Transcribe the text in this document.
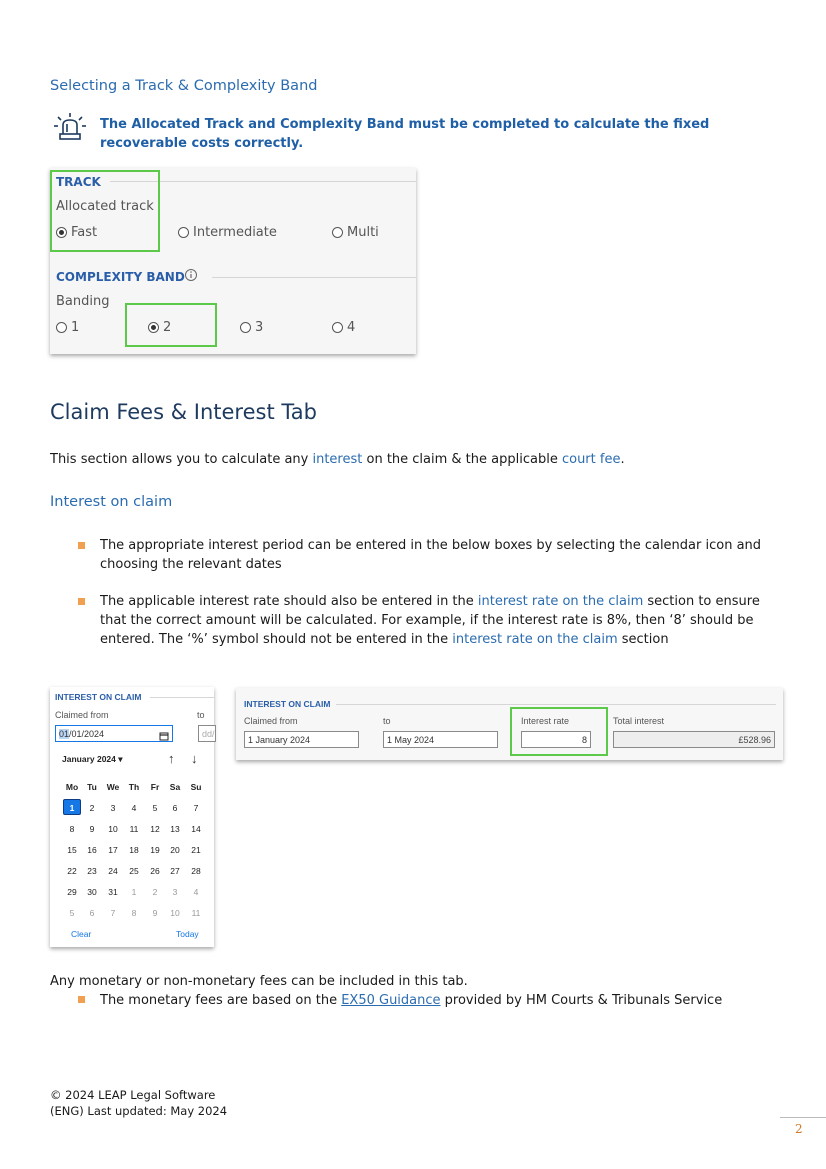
Selecting a Track & Complexity Band
The Allocated Track and Complexity Band must be completed to calculate the fixed recoverable costs correctly.
TRACK
Allocated track
Fast	Intermediate	Multi
COMPLEXITY BAND
Banding
1	2	3	4
Claim Fees & Interest Tab
This section allows you to calculate any interest on the claim & the applicable court fee.
Interest on claim
The appropriate interest period can be entered in the below boxes by selecting the calendar icon and choosing the relevant dates
The applicable interest rate should also be entered in the interest rate on the claim section to ensure that the correct amount will be calculated. For example, if the interest rate is 8%, then ‘8’ should be entered. The ‘%’ symbol should not be entered in the interest rate on the claim section
INTEREST ON CLAIM
Claimed from	to
01/01/2024	dd/
January 2024 ▾	↑ ↓
Mo	Tu	We	Th	Fr	Sa	Su
1	2	3	4	5	6	7
8	9	10	11	12	13	14
15	16	17	18	19	20	21
22	23	24	25	26	27	28
29	30	31	1	2	3	4
5	6	7	8	9	10	11
Clear	Today
INTEREST ON CLAIM
Claimed from
1 January 2024
to
1 May 2024
Interest rate
8
Total interest
£528.96
Any monetary or non-monetary fees can be included in this tab.
The monetary fees are based on the EX50 Guidance provided by HM Courts & Tribunals Service
© 2024 LEAP Legal Software
(ENG) Last updated: May 2024
2
